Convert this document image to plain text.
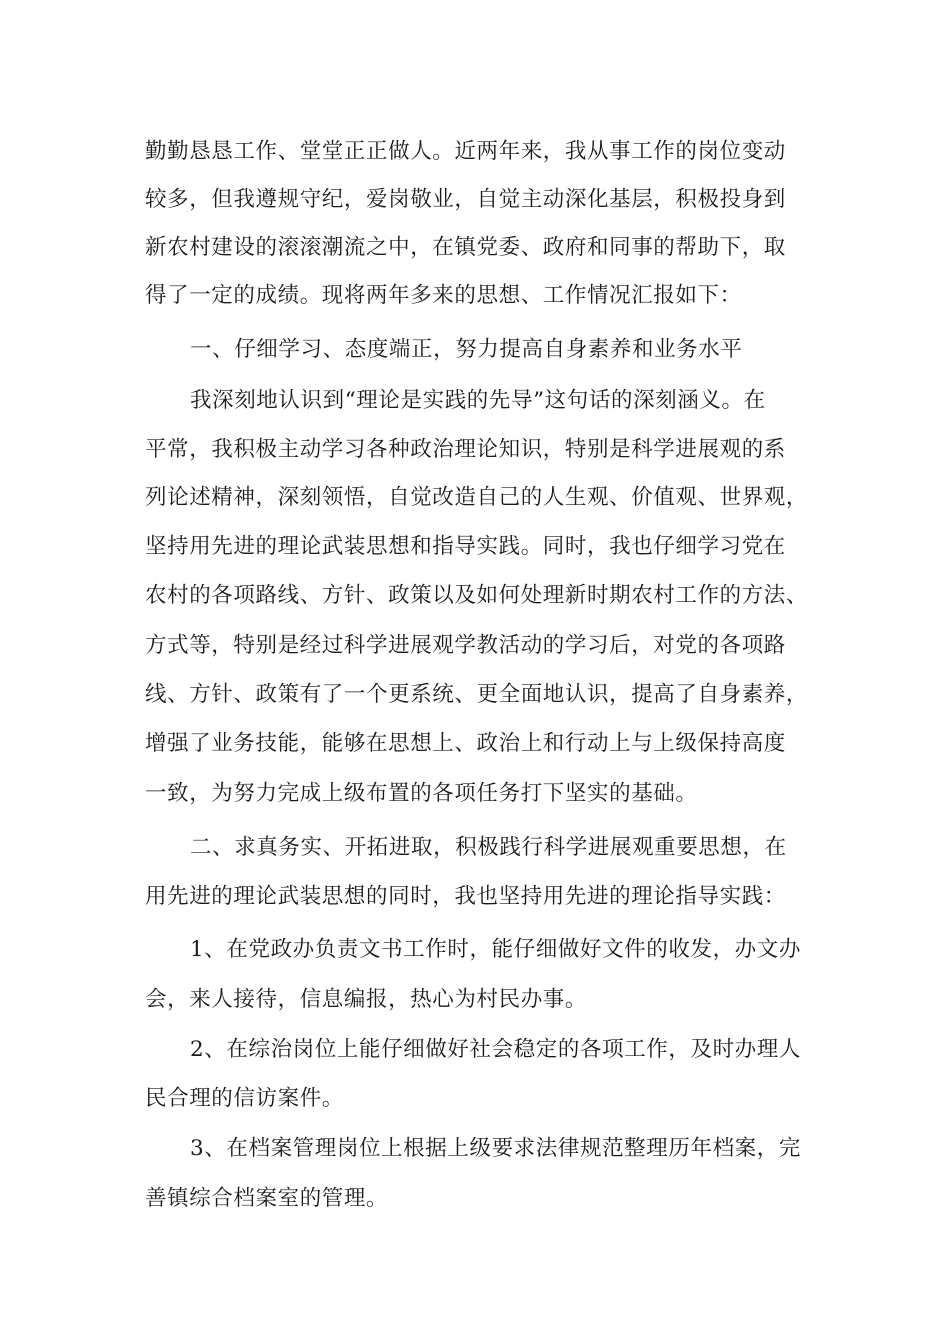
勤勤恳恳工作、堂堂正正做人。近两年来，我从事工作的岗位变动
较多，但我遵规守纪，爱岗敬业，自觉主动深化基层，积极投身到
新农村建设的滚滚潮流之中，在镇党委、政府和同事的帮助下，取
得了一定的成绩。现将两年多来的思想、工作情况汇报如下：
一、仔细学习、态度端正，努力提高自身素养和业务水平
我深刻地认识到“理论是实践的先导”这句话的深刻涵义。在
平常，我积极主动学习各种政治理论知识，特别是科学进展观的系
列论述精神，深刻领悟，自觉改造自己的人生观、价值观、世界观，
坚持用先进的理论武装思想和指导实践。同时，我也仔细学习党在
农村的各项路线、方针、政策以及如何处理新时期农村工作的方法、
方式等，特别是经过科学进展观学教活动的学习后，对党的各项路
线、方针、政策有了一个更系统、更全面地认识，提高了自身素养，
增强了业务技能，能够在思想上、政治上和行动上与上级保持高度
一致，为努力完成上级布置的各项任务打下坚实的基础。
二、求真务实、开拓进取，积极践行科学进展观重要思想，在
用先进的理论武装思想的同时，我也坚持用先进的理论指导实践：
1、在党政办负责文书工作时，能仔细做好文件的收发，办文办
会，来人接待，信息编报，热心为村民办事。
2、在综治岗位上能仔细做好社会稳定的各项工作，及时办理人
民合理的信访案件。
3、在档案管理岗位上根据上级要求法律规范整理历年档案，完
善镇综合档案室的管理。
